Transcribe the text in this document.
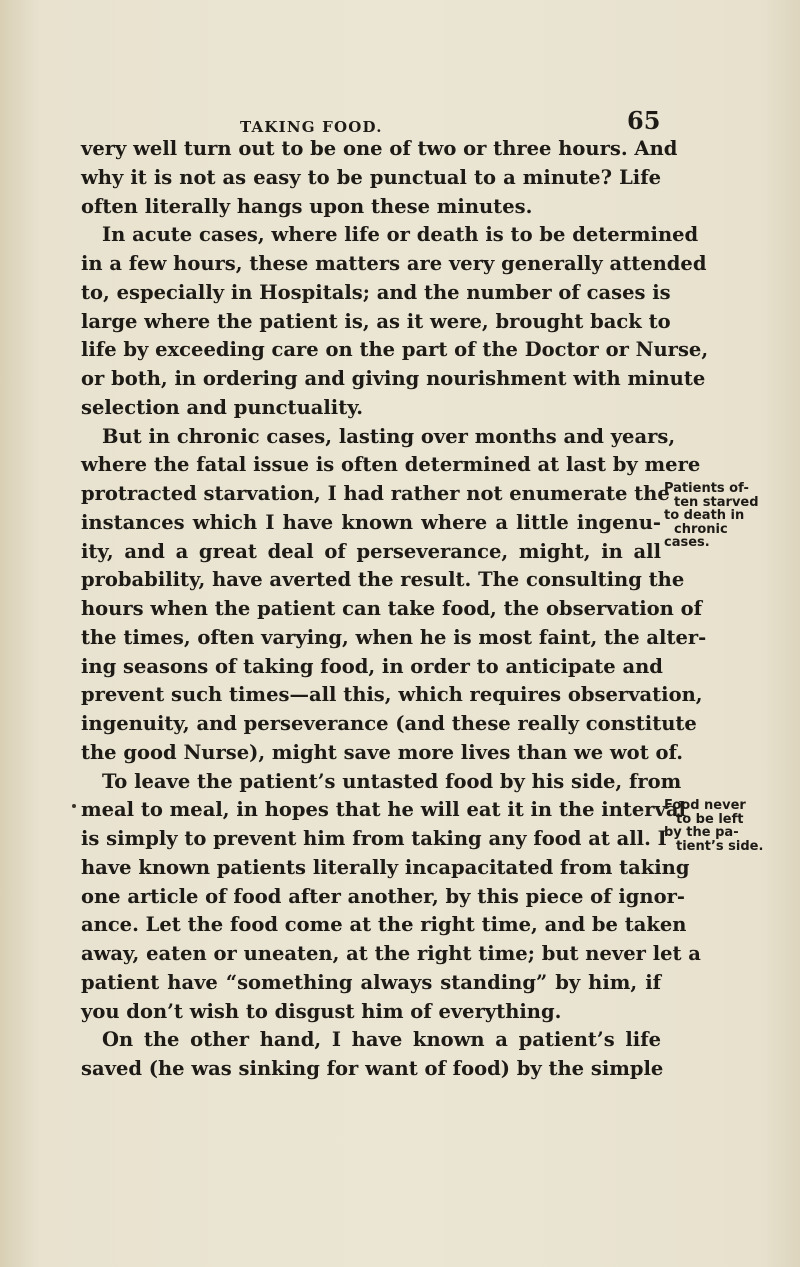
TAKING FOOD.	65
very well turn out to be one of two or three hours. And
why it is not as easy to be punctual to a minute? Life
often literally hangs upon these minutes.
In acute cases, where life or death is to be determined
in a few hours, these matters are very generally attended
to, especially in Hospitals; and the number of cases is
large where the patient is, as it were, brought back to
life by exceeding care on the part of the Doctor or Nurse,
or both, in ordering and giving nourishment with minute
selection and punctuality.
But in chronic cases, lasting over months and years,
where the fatal issue is often determined at last by mere
protracted starvation, I had rather not enumerate the
instances which I have known where a little ingenu-
ity, and a great deal of perseverance, might, in all
probability, have averted the result. The consulting the
hours when the patient can take food, the observation of
the times, often varying, when he is most faint, the alter-
ing seasons of taking food, in order to anticipate and
prevent such times—all this, which requires observation,
ingenuity, and perseverance (and these really constitute
the good Nurse), might save more lives than we wot of.
To leave the patient’s untasted food by his side, from
meal to meal, in hopes that he will eat it in the interval
is simply to prevent him from taking any food at all. I
have known patients literally incapacitated from taking
one article of food after another, by this piece of ignor-
ance. Let the food come at the right time, and be taken
away, eaten or uneaten, at the right time; but never let a
patient have “something always standing” by him, if
you don’t wish to disgust him of everything.
On the other hand, I have known a patient’s life
saved (he was sinking for want of food) by the simple
Patients of-
ten starved
to death in
chronic
cases.
Food never
to be left
by the pa-
tient’s side.
